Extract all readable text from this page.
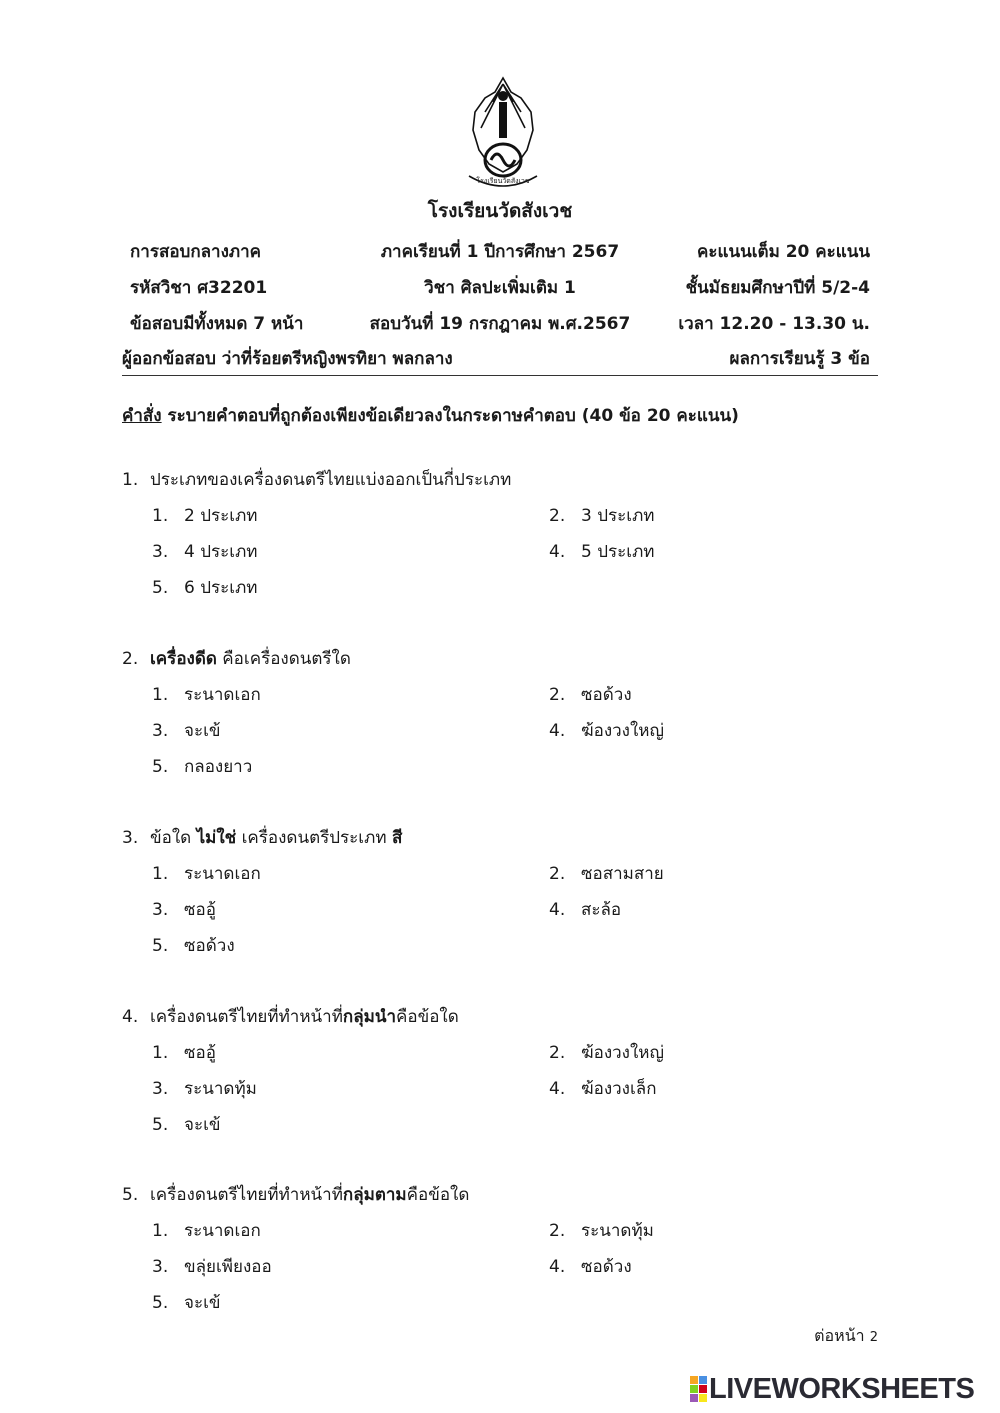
โรงเรียนวัดสังเวช
โรงเรียนวัดสังเวช
การสอบกลางภาค	ภาคเรียนที่ 1 ปีการศึกษา 2567	คะแนนเต็ม 20 คะแนน
รหัสวิชา ศ32201	วิชา ศิลปะเพิ่มเติม 1	ชั้นมัธยมศึกษาปีที่ 5/2-4
ข้อสอบมีทั้งหมด 7 หน้า	สอบวันที่ 19 กรกฎาคม พ.ศ.2567	เวลา 12.20 - 13.30 น.
ผู้ออกข้อสอบ ว่าที่ร้อยตรีหญิงพรทิยา พลกลาง	ผลการเรียนรู้ 3 ข้อ
คำสั่ง ระบายคำตอบที่ถูกต้องเพียงข้อเดียวลงในกระดาษคำตอบ (40 ข้อ 20 คะแนน)
1. ประเภทของเครื่องดนตรีไทยแบ่งออกเป็นกี่ประเภท
1. 2 ประเภท	2. 3 ประเภท
3. 4 ประเภท	4. 5 ประเภท
5. 6 ประเภท
2. เครื่องดีด คือเครื่องดนตรีใด
1. ระนาดเอก	2. ซอด้วง
3. จะเข้	4. ฆ้องวงใหญ่
5. กลองยาว
3. ข้อใด ไม่ใช่ เครื่องดนตรีประเภท สี
1. ระนาดเอก	2. ซอสามสาย
3. ซออู้	4. สะล้อ
5. ซอด้วง
4. เครื่องดนตรีไทยที่ทำหน้าที่กลุ่มนำคือข้อใด
1. ซออู้	2. ฆ้องวงใหญ่
3. ระนาดทุ้ม	4. ฆ้องวงเล็ก
5. จะเข้
5. เครื่องดนตรีไทยที่ทำหน้าที่กลุ่มตามคือข้อใด
1. ระนาดเอก	2. ระนาดทุ้ม
3. ขลุ่ยเพียงออ	4. ซอด้วง
5. จะเข้
ต่อหน้า 2
LIVEWORKSHEETS
